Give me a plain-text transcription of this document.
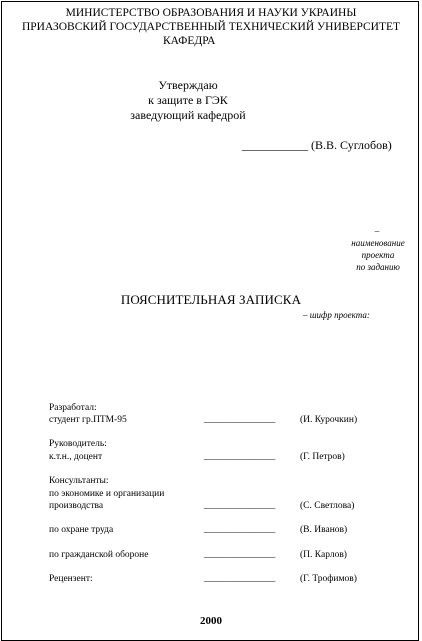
МИНИСТЕРСТВО ОБРАЗОВАНИЯ И НАУКИ УКРАИНЫ
ПРИАЗОВСКИЙ ГОСУДАРСТВЕННЫЙ ТЕХНИЧЕСКИЙ УНИВЕРСИТЕТ
КАФЕДРА
Утверждаю
к защите в ГЭК
заведующий кафедрой
___________ (В.В. Суглобов)
–
наименование
проекта
по заданию
ПОЯСНИТЕЛЬНАЯ ЗАПИСКА
– шифр проекта:
Разработал:
студент гр.ПТМ-95	_______________	(И. Курочкин)
Руководитель:
к.т.н., доцент	_______________	(Г. Петров)
Консультанты:
по экономике и организации
производства	_______________	(С. Светлова)
по охране труда	_______________	(В. Иванов)
по гражданской обороне	_______________	(П. Карлов)
Рецензент:	_______________	(Г. Трофимов)
2000
